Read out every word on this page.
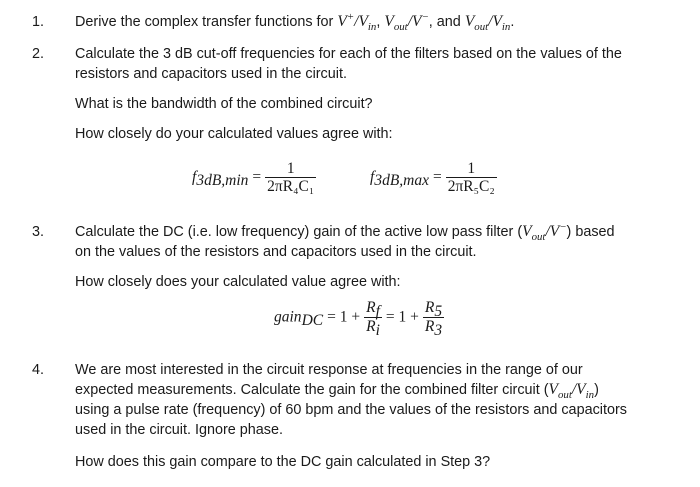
1. Derive the complex transfer functions for $V^+/V_{in}$, $V_{out}/V^-$, and $V_{out}/V_{in}$.
2. Calculate the 3 dB cut-off frequencies for each of the filters based on the values of the
resistors and capacitors used in the circuit.
What is the bandwidth of the combined circuit?
How closely do your calculated values agree with:
$f_{3dB,min} = \frac{1}{\text{2πR₄C₁}}$	$f_{3dB,max} = \frac{1}{\text{2πR₅C₂}}$
3. Calculate the DC (i.e. low frequency) gain of the active low pass filter $(V_{out}/V^-)$ based
on the values of the resistors and capacitors used in the circuit.
How closely does your calculated value agree with:
gain$_{DC}$ = $1 + \frac{R_f}{R_i} = 1 + \frac{R_5}{R_3}$
4. We are most interested in the circuit response at frequencies in the range of our
expected measurements. Calculate the gain for the combined filter circuit $(V_{out}/V_{in})$
using a pulse rate (frequency) of 60 bpm and the values of the resistors and capacitors
used in the circuit. Ignore phase.
How does this gain compare to the DC gain calculated in Step 3?
